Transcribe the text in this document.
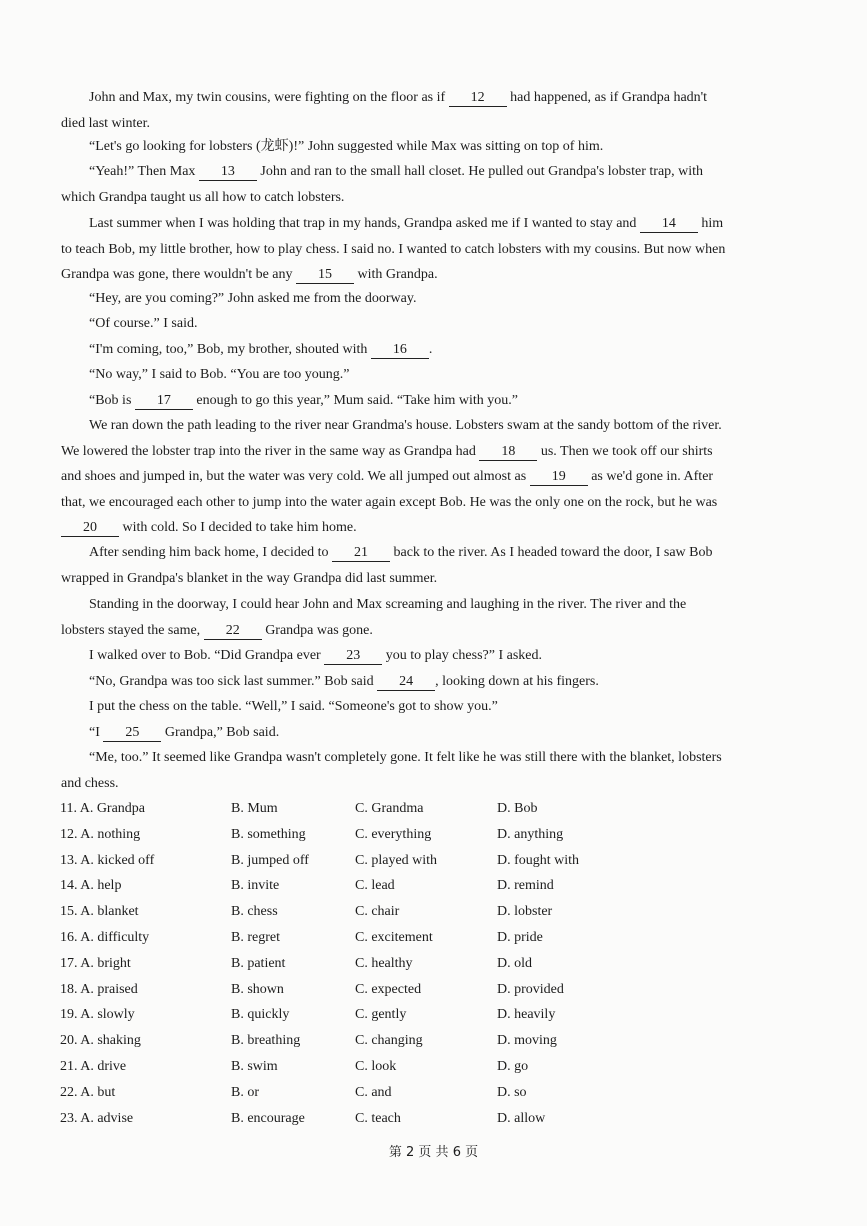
John and Max, my twin cousins, were fighting on the floor as if 12 had happened, as if Grandpa hadn't died last winter.

“Let's go looking for lobsters (龙虾)!” John suggested while Max was sitting on top of him.

“Yeah!” Then Max 13 John and ran to the small hall closet. He pulled out Grandpa's lobster trap, with which Grandpa taught us all how to catch lobsters.

Last summer when I was holding that trap in my hands, Grandpa asked me if I wanted to stay and 14 him to teach Bob, my little brother, how to play chess. I said no. I wanted to catch lobsters with my cousins. But now when Grandpa was gone, there wouldn't be any 15 with Grandpa.

“Hey, are you coming?” John asked me from the doorway.

“Of course.” I said.

“I'm coming, too,” Bob, my brother, shouted with 16 .

“No way,” I said to Bob. “You are too young.”

“Bob is 17 enough to go this year,” Mum said. “Take him with you.”

We ran down the path leading to the river near Grandma's house. Lobsters swam at the sandy bottom of the river. We lowered the lobster trap into the river in the same way as Grandpa had 18 us. Then we took off our shirts and shoes and jumped in, but the water was very cold. We all jumped out almost as 19 as we'd gone in. After that, we encouraged each other to jump into the water again except Bob. He was the only one on the rock, but he was 20 with cold. So I decided to take him home.

After sending him back home, I decided to 21 back to the river. As I headed toward the door, I saw Bob wrapped in Grandpa's blanket in the way Grandpa did last summer.

Standing in the doorway, I could hear John and Max screaming and laughing in the river. The river and the lobsters stayed the same, 22 Grandpa was gone.

I walked over to Bob. “Did Grandpa ever 23 you to play chess?” I asked.

“No, Grandpa was too sick last summer.” Bob said 24 , looking down at his fingers.

I put the chess on the table. “Well,” I said. “Someone's got to show you.”

“I 25 Grandpa,” Bob said.

“Me, too.” It seemed like Grandpa wasn't completely gone. It felt like he was still there with the blanket, lobsters and chess.

11. A. Grandpa	B. Mum	C. Grandma	D. Bob
12. A. nothing	B. something	C. everything	D. anything
13. A. kicked off	B. jumped off	C. played with	D. fought with
14. A. help	B. invite	C. lead	D. remind
15. A. blanket	B. chess	C. chair	D. lobster
16. A. difficulty	B. regret	C. excitement	D. pride
17. A. bright	B. patient	C. healthy	D. old
18. A. praised	B. shown	C. expected	D. provided
19. A. slowly	B. quickly	C. gently	D. heavily
20. A. shaking	B. breathing	C. changing	D. moving
21. A. drive	B. swim	C. look	D. go
22. A. but	B. or	C. and	D. so
23. A. advise	B. encourage	C. teach	D. allow
第 2 页 共 6 页
